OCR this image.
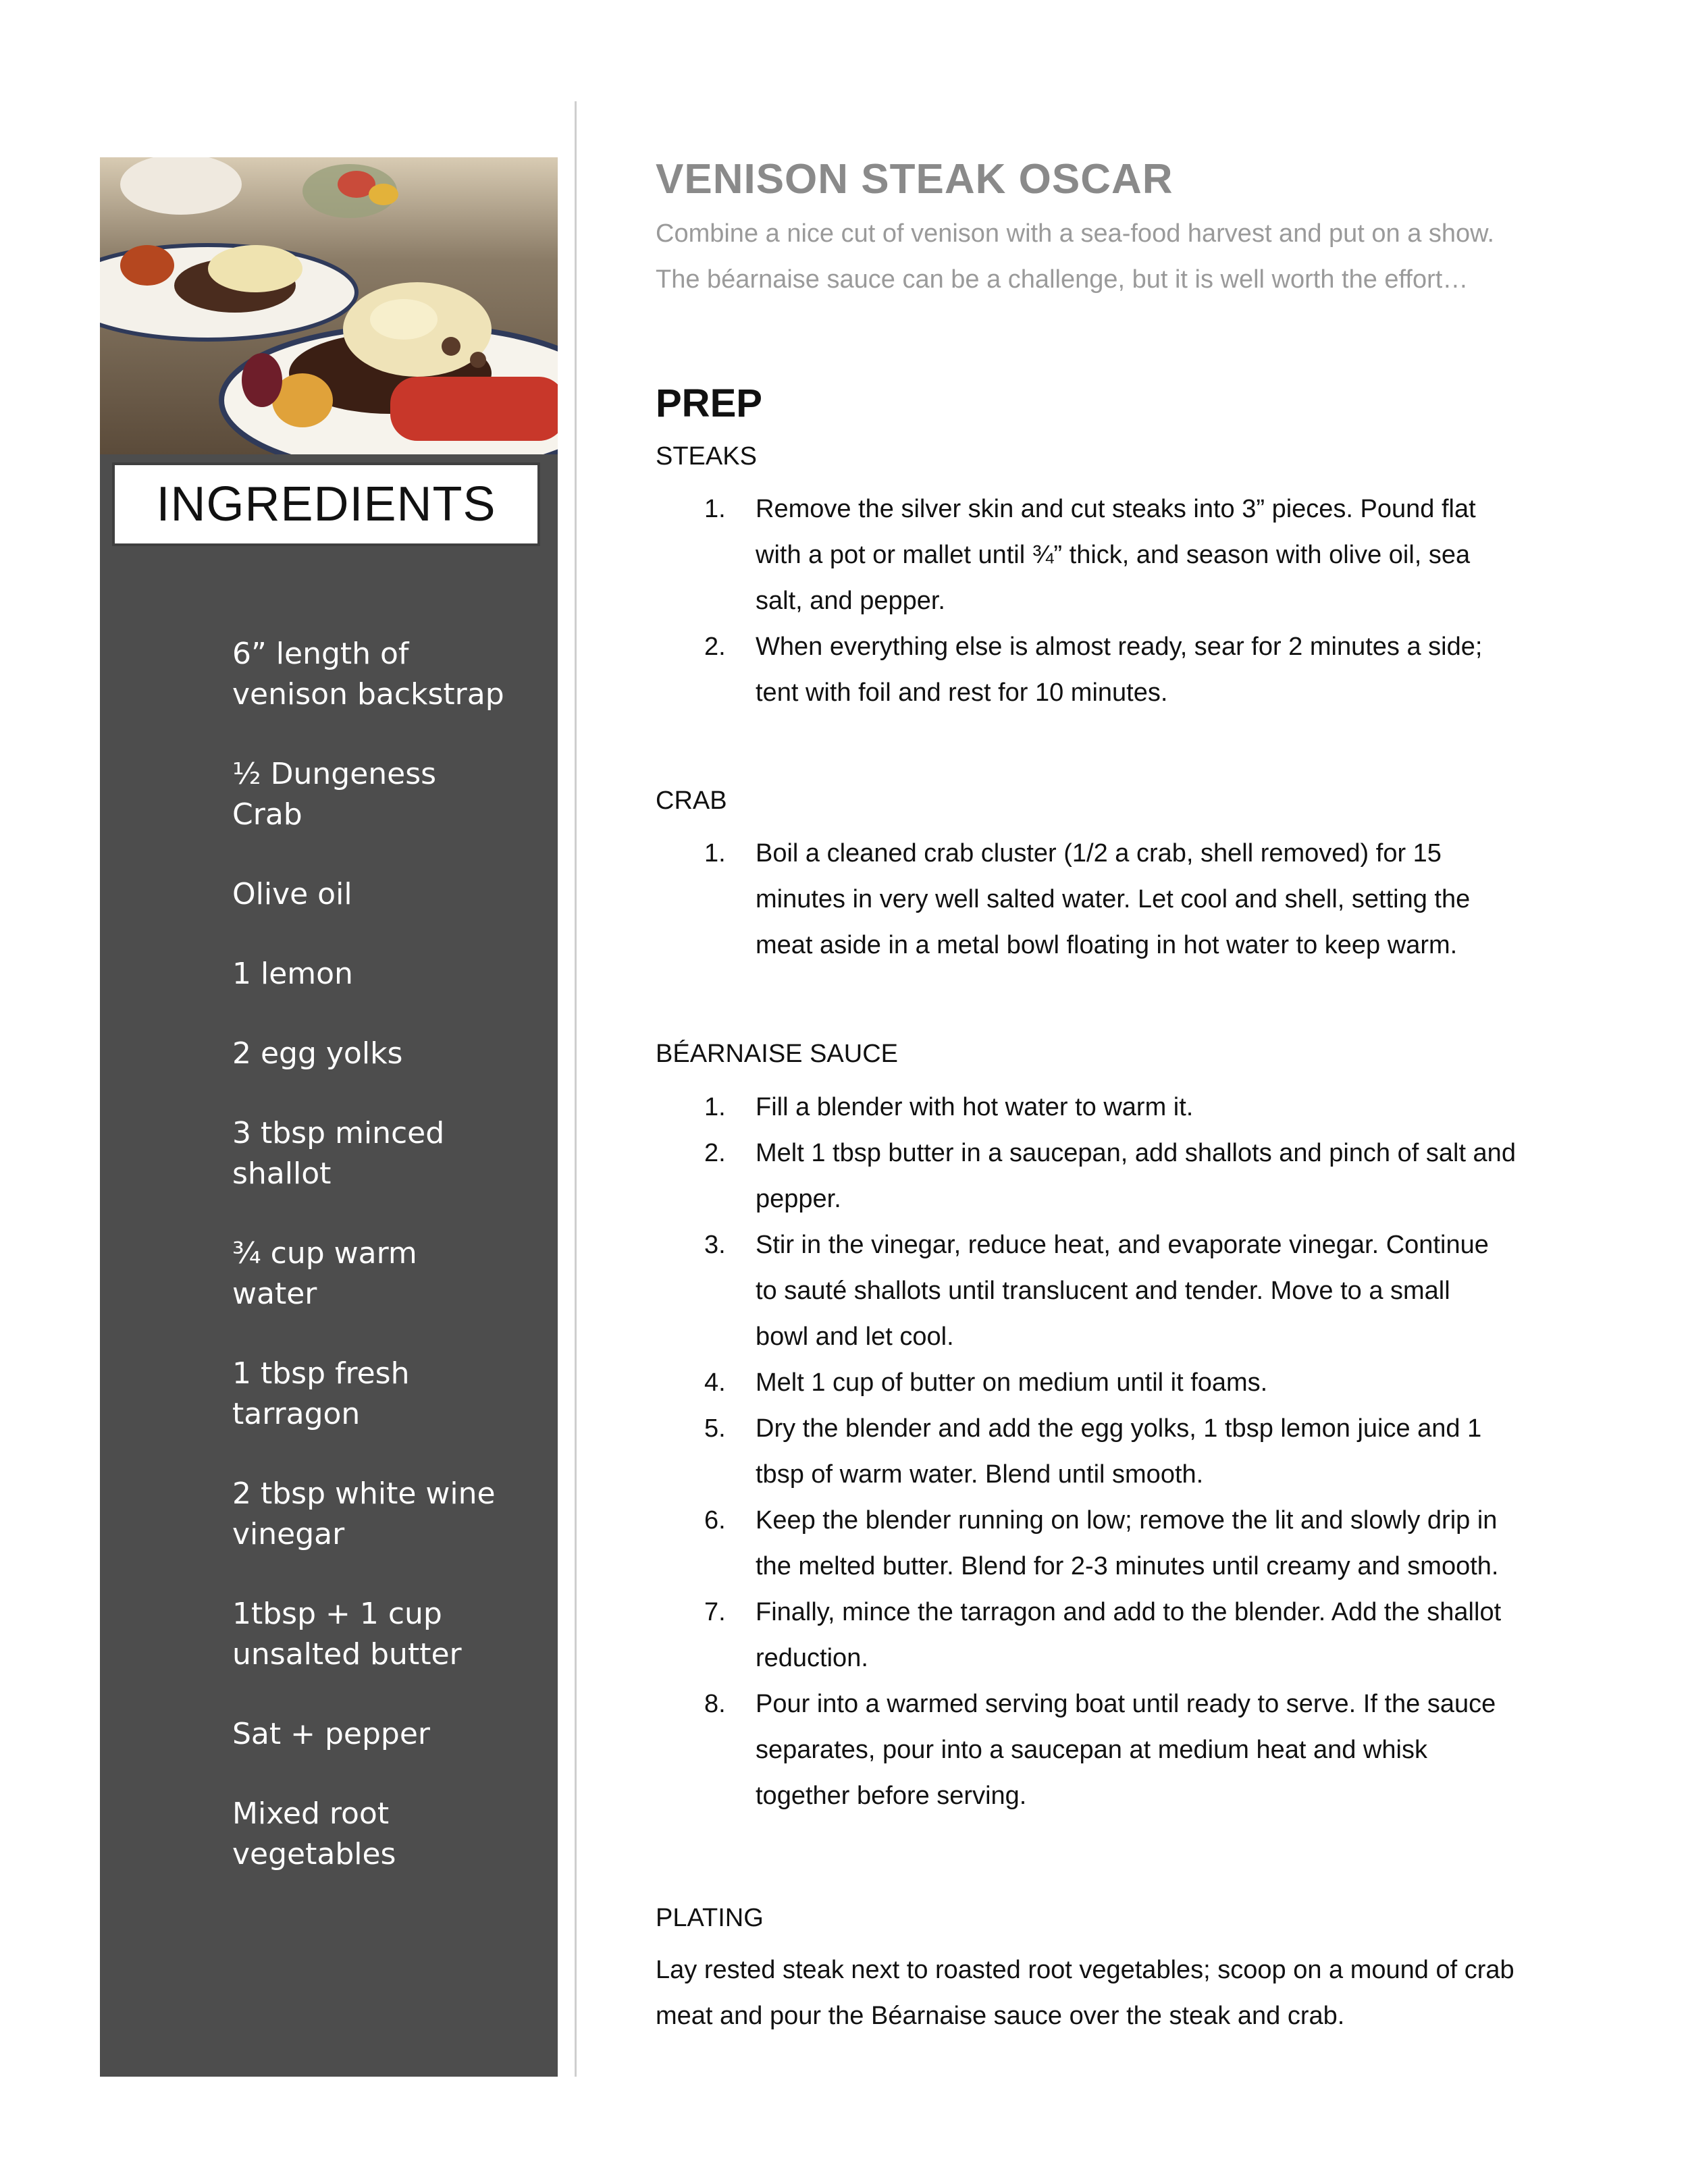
INGREDIENTS
6” length of
venison backstrap
½ Dungeness
Crab
Olive oil
1 lemon
2 egg yolks
3 tbsp minced
shallot
¾ cup warm
water
1 tbsp fresh
tarragon
2 tbsp white wine
vinegar
1tbsp + 1 cup
unsalted butter
Sat + pepper
Mixed root
vegetables
VENISON STEAK OSCAR

Combine a nice cut of venison with a sea-food harvest and put on a show.

The béarnaise sauce can be a challenge, but it is well worth the effort…

PREP
STEAKS
1. Remove the silver skin and cut steaks into 3” pieces. Pound flat
with a pot or mallet until ¾” thick, and season with olive oil, sea
salt, and pepper.
2. When everything else is almost ready, sear for 2 minutes a side;
tent with foil and rest for 10 minutes.
CRAB
1. Boil a cleaned crab cluster (1/2 a crab, shell removed) for 15
minutes in very well salted water. Let cool and shell, setting the
meat aside in a metal bowl floating in hot water to keep warm.
BÉARNAISE SAUCE
1. Fill a blender with hot water to warm it.
2. Melt 1 tbsp butter in a saucepan, add shallots and pinch of salt and
pepper.
3. Stir in the vinegar, reduce heat, and evaporate vinegar. Continue
to sauté shallots until translucent and tender. Move to a small
bowl and let cool.
4. Melt 1 cup of butter on medium until it foams.
5. Dry the blender and add the egg yolks, 1 tbsp lemon juice and 1
tbsp of warm water. Blend until smooth.
6. Keep the blender running on low; remove the lit and slowly drip in
the melted butter. Blend for 2-3 minutes until creamy and smooth.
7. Finally, mince the tarragon and add to the blender. Add the shallot
reduction.
8. Pour into a warmed serving boat until ready to serve. If the sauce
separates, pour into a saucepan at medium heat and whisk
together before serving.
PLATING

Lay rested steak next to roasted root vegetables; scoop on a mound of crab
meat and pour the Béarnaise sauce over the steak and crab.
